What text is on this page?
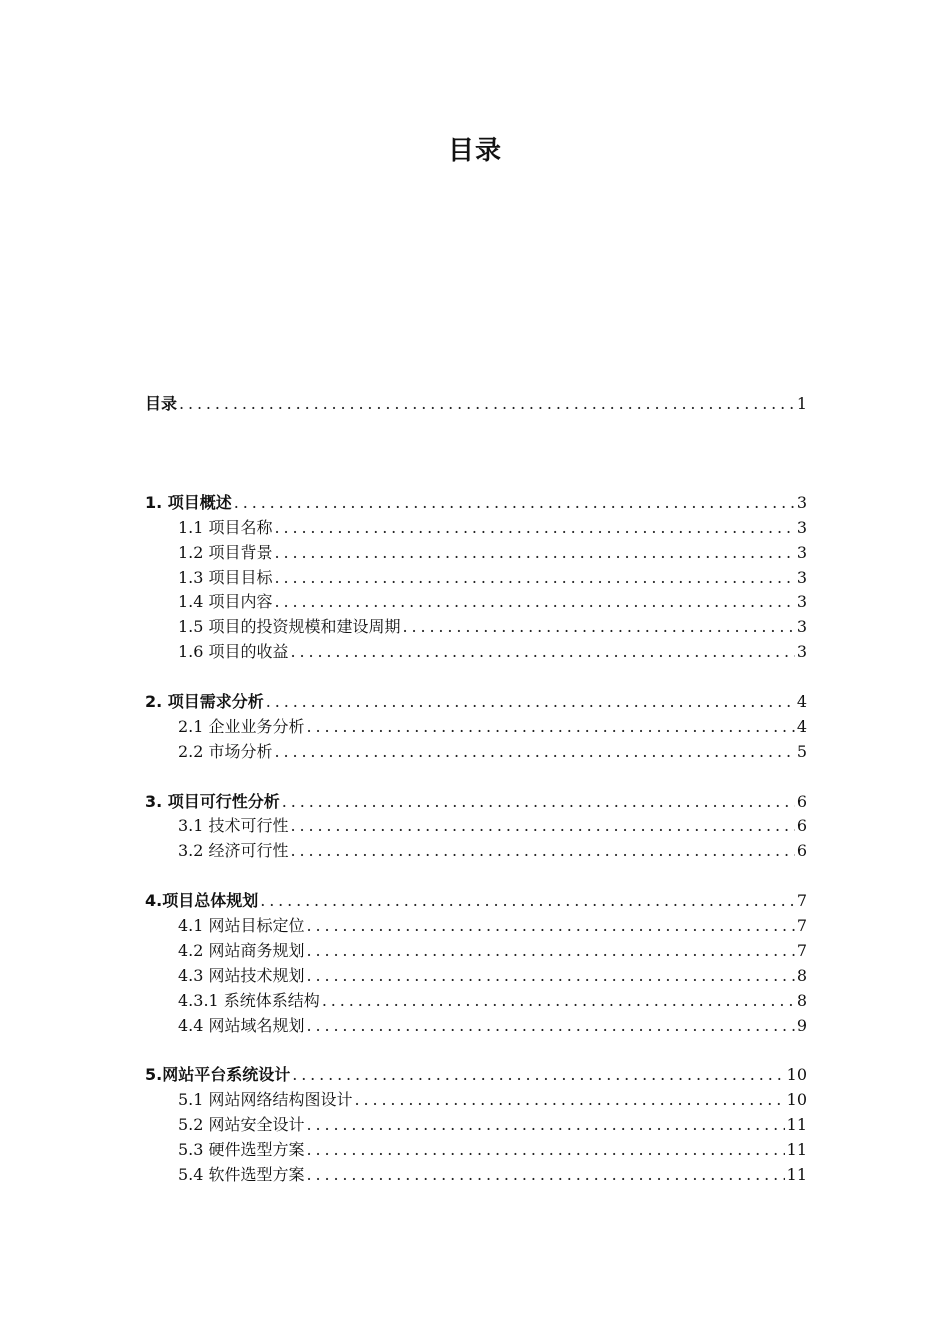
目录
目录 . . .	1
1. 项目概述 . . .	3
1.1 项目名称 . . .	3
1.2 项目背景 . . .	3
1.3 项目目标 . . .	3
1.4 项目内容 . . .	3
1.5 项目的投资规模和建设周期 . . .	3
1.6 项目的收益 . . .	3
2. 项目需求分析 . . .	4
2.1 企业业务分析 . . .	4
2.2 市场分析 . . .	5
3. 项目可行性分析 . . .	6
3.1 技术可行性 . . .	6
3.2 经济可行性 . . .	6
4.项目总体规划 . . .	7
4.1 网站目标定位 . . .	7
4.2 网站商务规划 . . .	7
4.3 网站技术规划 . . .	8
4.3.1 系统体系结构 . . .	8
4.4 网站域名规划 . . .	9
5.网站平台系统设计 . . .	10
5.1 网站网络结构图设计 . . .	10
5.2 网站安全设计 . . .	11
5.3 硬件选型方案 . . .	11
5.4 软件选型方案 . . .	11
